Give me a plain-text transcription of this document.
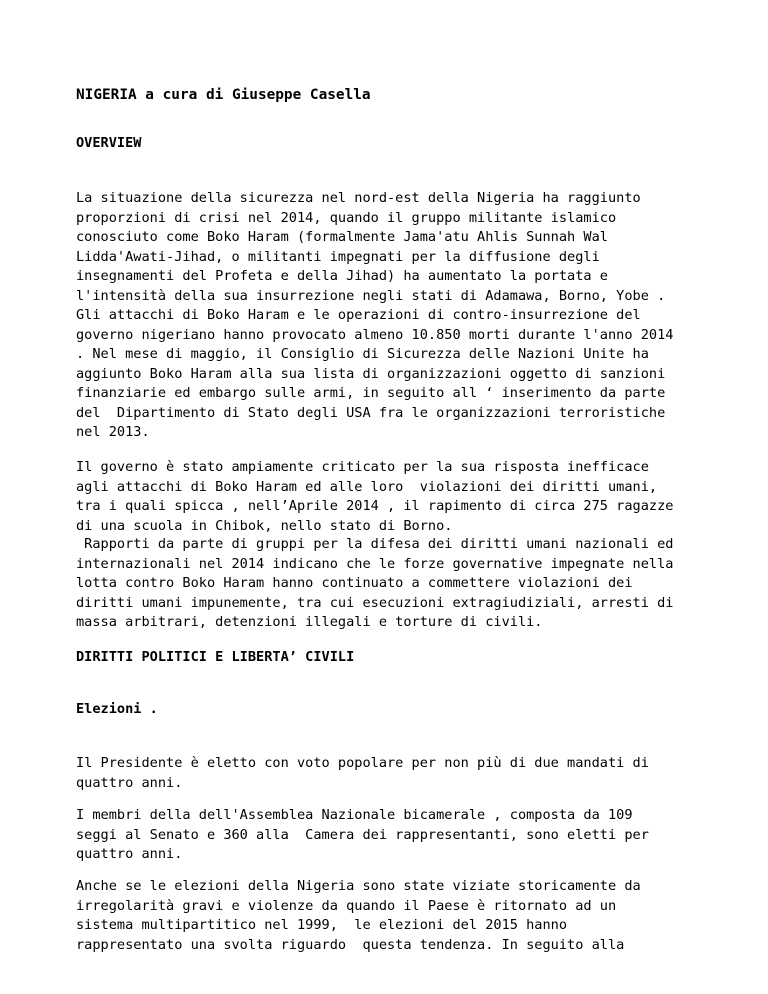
NIGERIA a cura di Giuseppe Casella
OVERVIEW
La situazione della sicurezza nel nord-est della Nigeria ha raggiunto
proporzioni di crisi nel 2014, quando il gruppo militante islamico
conosciuto come Boko Haram (formalmente Jama'atu Ahlis Sunnah Wal
Lidda'Awati-Jihad, o militanti impegnati per la diffusione degli
insegnamenti del Profeta e della Jihad) ha aumentato la portata e
l'intensità della sua insurrezione negli stati di Adamawa, Borno, Yobe .
Gli attacchi di Boko Haram e le operazioni di contro-insurrezione del
governo nigeriano hanno provocato almeno 10.850 morti durante l'anno 2014
. Nel mese di maggio, il Consiglio di Sicurezza delle Nazioni Unite ha
aggiunto Boko Haram alla sua lista di organizzazioni oggetto di sanzioni
finanziarie ed embargo sulle armi, in seguito all ‘ inserimento da parte
del  Dipartimento di Stato degli USA fra le organizzazioni terroristiche
nel 2013.
Il governo è stato ampiamente criticato per la sua risposta inefficace
agli attacchi di Boko Haram ed alle loro  violazioni dei diritti umani,
tra i quali spicca , nell’Aprile 2014 , il rapimento di circa 275 ragazze
di una scuola in Chibok, nello stato di Borno.
Rapporti da parte di gruppi per la difesa dei diritti umani nazionali ed
internazionali nel 2014 indicano che le forze governative impegnate nella
lotta contro Boko Haram hanno continuato a commettere violazioni dei
diritti umani impunemente, tra cui esecuzioni extragiudiziali, arresti di
massa arbitrari, detenzioni illegali e torture di civili.
DIRITTI POLITICI E LIBERTA’ CIVILI
Elezioni .
Il Presidente è eletto con voto popolare per non più di due mandati di
quattro anni.
I membri della dell'Assemblea Nazionale bicamerale , composta da 109
seggi al Senato e 360 alla  Camera dei rappresentanti, sono eletti per
quattro anni.
Anche se le elezioni della Nigeria sono state viziate storicamente da
irregolarità gravi e violenze da quando il Paese è ritornato ad un
sistema multipartitico nel 1999,  le elezioni del 2015 hanno
rappresentato una svolta riguardo  questa tendenza. In seguito alla
